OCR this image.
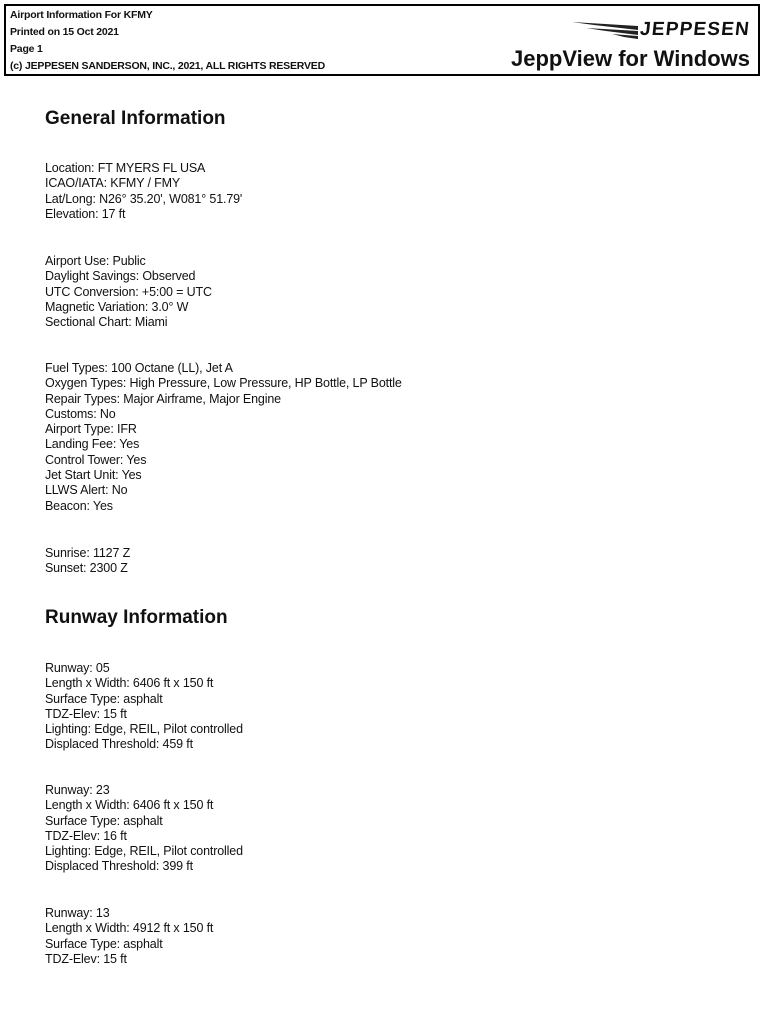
Airport Information For KFMY
Printed on 15 Oct 2021
Page 1
(c) JEPPESEN SANDERSON, INC., 2021, ALL RIGHTS RESERVED
JEPPESEN
JeppView for Windows
General Information
Location: FT MYERS FL USA
ICAO/IATA: KFMY / FMY
Lat/Long: N26° 35.20', W081° 51.79'
Elevation: 17 ft
Airport Use: Public
Daylight Savings: Observed
UTC Conversion: +5:00 = UTC
Magnetic Variation: 3.0° W
Sectional Chart: Miami
Fuel Types: 100 Octane (LL), Jet A
Oxygen Types: High Pressure, Low Pressure, HP Bottle, LP Bottle
Repair Types: Major Airframe, Major Engine
Customs: No
Airport Type: IFR
Landing Fee: Yes
Control Tower: Yes
Jet Start Unit: Yes
LLWS Alert: No
Beacon: Yes
Sunrise: 1127 Z
Sunset: 2300 Z
Runway Information
Runway: 05
Length x Width: 6406 ft x 150 ft
Surface Type: asphalt
TDZ-Elev: 15 ft
Lighting: Edge, REIL, Pilot controlled
Displaced Threshold: 459 ft
Runway: 23
Length x Width: 6406 ft x 150 ft
Surface Type: asphalt
TDZ-Elev: 16 ft
Lighting: Edge, REIL, Pilot controlled
Displaced Threshold: 399 ft
Runway: 13
Length x Width: 4912 ft x 150 ft
Surface Type: asphalt
TDZ-Elev: 15 ft
